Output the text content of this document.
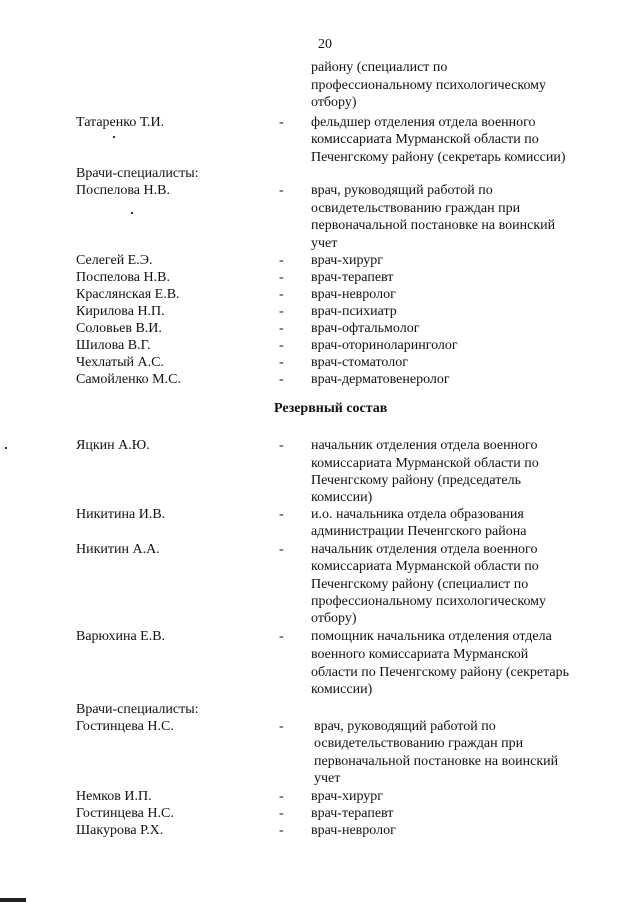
20
району (специалист по
профессиональному психологическому
отбору)
Татаренко Т.И.	- фельдшер отделения отдела военного
комиссариата Мурманской области по
Печенгскому району (секретарь комиссии)
Врачи-специалисты:
Поспелова Н.В.	- врач, руководящий работой по
освидетельствованию граждан при
первоначальной постановке на воинский
учет
Селегей Е.Э.	- врач-хирург
Поспелова Н.В.	- врач-терапевт
Краслянская Е.В.	- врач-невролог
Кирилова Н.П.	- врач-психиатр
Соловьев В.И.	- врач-офтальмолог
Шилова В.Г.	- врач-оториноларинголог
Чехлатый А.С.	- врач-стоматолог
Самойленко М.С.	- врач-дерматовенеролог
Резервный состав
Яцкин А.Ю.	- начальник отделения отдела военного
комиссариата Мурманской области по
Печенгскому району (председатель
комиссии)
Никитина И.В.	- и.о. начальника отдела образования
администрации Печенгского района
Никитин А.А.	- начальник отделения отдела военного
комиссариата Мурманской области по
Печенгскому району (специалист по
профессиональному психологическому
отбору)
Варюхина Е.В.	- помощник начальника отделения отдела
военного комиссариата Мурманской
области по Печенгскому району (секретарь
комиссии)
Врачи-специалисты:
Гостинцева Н.С.	- врач, руководящий работой по
освидетельствованию граждан при
первоначальной постановке на воинский
учет
Немков И.П.	- врач-хирург
Гостинцева Н.С.	- врач-терапевт
Шакурова Р.Х.	- врач-невролог
